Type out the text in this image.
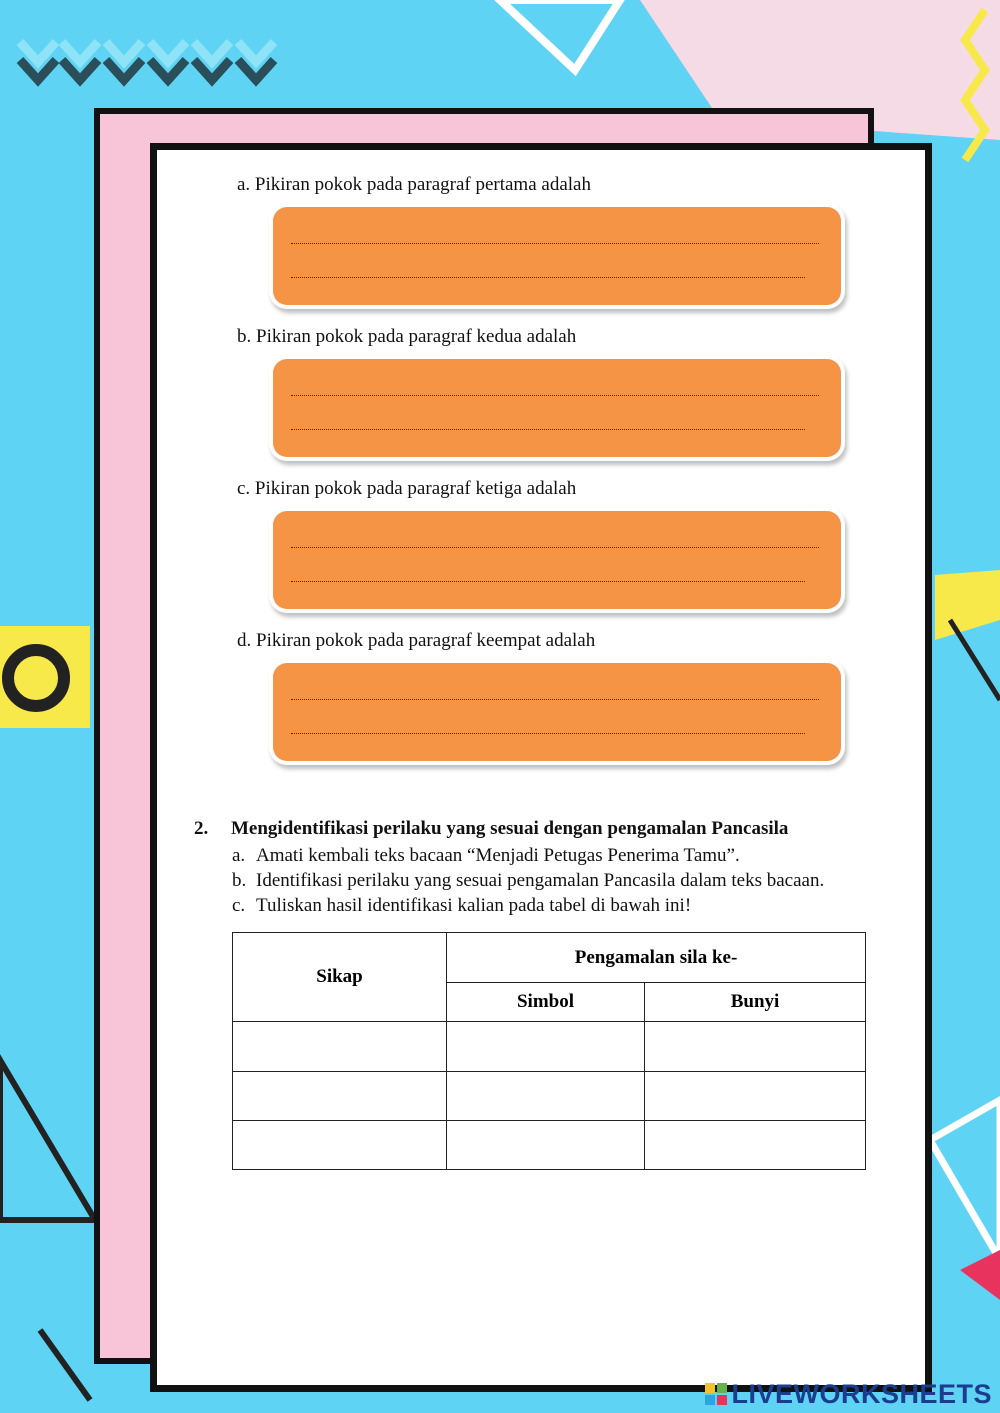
a. Pikiran pokok pada paragraf pertama adalah
b. Pikiran pokok pada paragraf kedua adalah
c. Pikiran pokok pada paragraf ketiga adalah
d. Pikiran pokok pada paragraf keempat adalah
2. Mengidentifikasi perilaku yang sesuai dengan pengamalan Pancasila
a. Amati kembali teks bacaan “Menjadi Petugas Penerima Tamu”.
b. Identifikasi perilaku yang sesuai pengamalan Pancasila dalam teks bacaan.
c. Tuliskan hasil identifikasi kalian pada tabel di bawah ini!
Sikap	Pengamalan sila ke-	
	Simbol	Bunyi

LIVEWORKSHEETS
